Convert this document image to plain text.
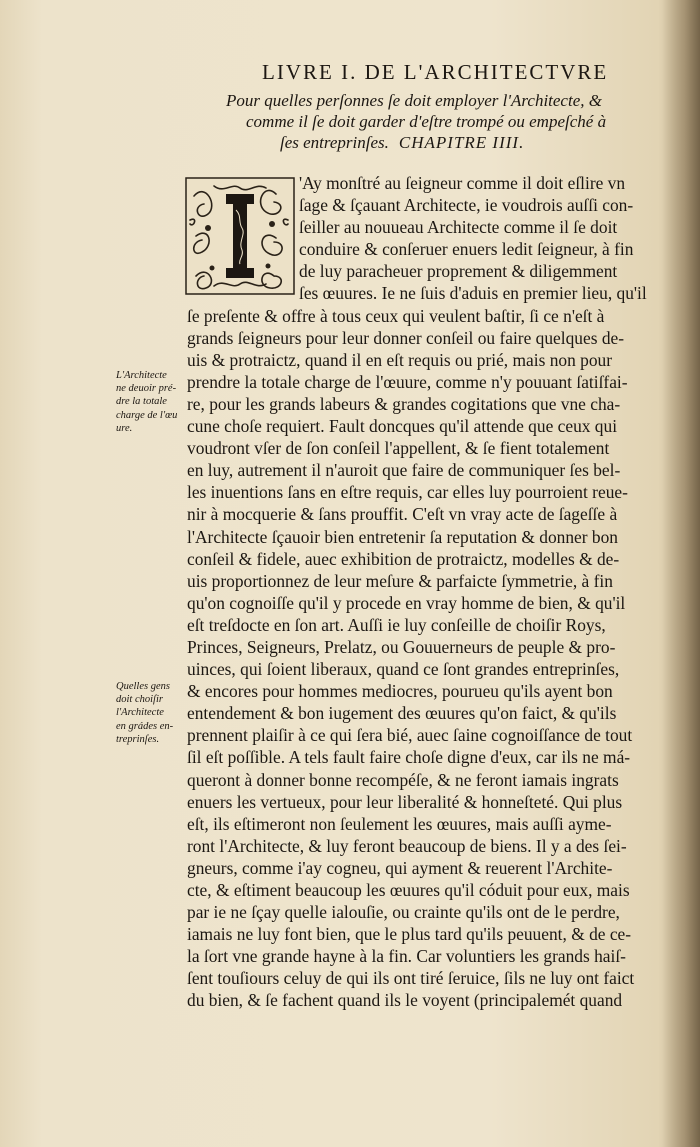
LIVRE I. DE L'ARCHITECTVRE
Pour quelles perſonnes ſe doit employer l'Architecte, &
comme il ſe doit garder d'eſtre trompé ou empeſché à
ſes entreprinſes. CHAPITRE IIII.
'Ay monſtré au ſeigneur comme il doit eſlire vn
ſage & ſçauant Architecte, ie voudrois auſſi con-
ſeiller au nouueau Architecte comme il ſe doit
conduire & conſeruer enuers ledit ſeigneur, à fin
de luy paracheuer proprement & diligemment
ſes œuures. Ie ne ſuis d'aduis en premier lieu, qu'il
ſe preſente & offre à tous ceux qui veulent baſtir, ſi ce n'eſt à
grands ſeigneurs pour leur donner conſeil ou faire quelques de-
uis & protraictz, quand il en eſt requis ou prié, mais non pour
prendre la totale charge de l'œuure, comme n'y pouuant ſatiſfai-
re, pour les grands labeurs & grandes cogitations que vne cha-
cune choſe requiert. Fault doncques qu'il attende que ceux qui
voudront vſer de ſon conſeil l'appellent, & ſe fient totalement
en luy, autrement il n'auroit que faire de communiquer ſes bel-
les inuentions ſans en eſtre requis, car elles luy pourroient reue-
nir à mocquerie & ſans prouffit. C'eſt vn vray acte de ſageſſe à
l'Architecte ſçauoir bien entretenir ſa reputation & donner bon
conſeil & fidele, auec exhibition de protraictz, modelles & de-
uis proportionnez de leur meſure & parfaicte ſymmetrie, à fin
qu'on cognoiſſe qu'il y procede en vray homme de bien, & qu'il
eſt treſdocte en ſon art. Auſſi ie luy conſeille de choiſir Roys,
Princes, Seigneurs, Prelatz, ou Gouuerneurs de peuple & pro-
uinces, qui ſoient liberaux, quand ce ſont grandes entreprinſes,
& encores pour hommes mediocres, pourueu qu'ils ayent bon
entendement & bon iugement des œuures qu'on faict, & qu'ils
prennent plaiſir à ce qui ſera bié, auec ſaine cognoiſſance de tout
ſil eſt poſſible. A tels fault faire choſe digne d'eux, car ils ne má-
queront à donner bonne recompéſe, & ne feront iamais ingrats
enuers les vertueux, pour leur liberalité & honneſteté. Qui plus
eſt, ils eſtimeront non ſeulement les œuures, mais auſſi ayme-
ront l'Architecte, & luy feront beaucoup de biens. Il y a des ſei-
gneurs, comme i'ay cogneu, qui ayment & reuerent l'Archite-
cte, & eſtiment beaucoup les œuures qu'il códuit pour eux, mais
par ie ne ſçay quelle ialouſie, ou crainte qu'ils ont de le perdre,
iamais ne luy font bien, que le plus tard qu'ils peuuent, & de ce-
la ſort vne grande hayne à la fin. Car voluntiers les grands haiſ-
ſent touſiours celuy de qui ils ont tiré ſeruice, ſils ne luy ont faict
du bien, & ſe fachent quand ils le voyent (principalemét quand
L'Architecte
ne deuoir pré-
dre la totale
charge de l'œu
ure.
Quelles gens
doit choiſir
l'Architecte
en grádes en-
treprinſes.
